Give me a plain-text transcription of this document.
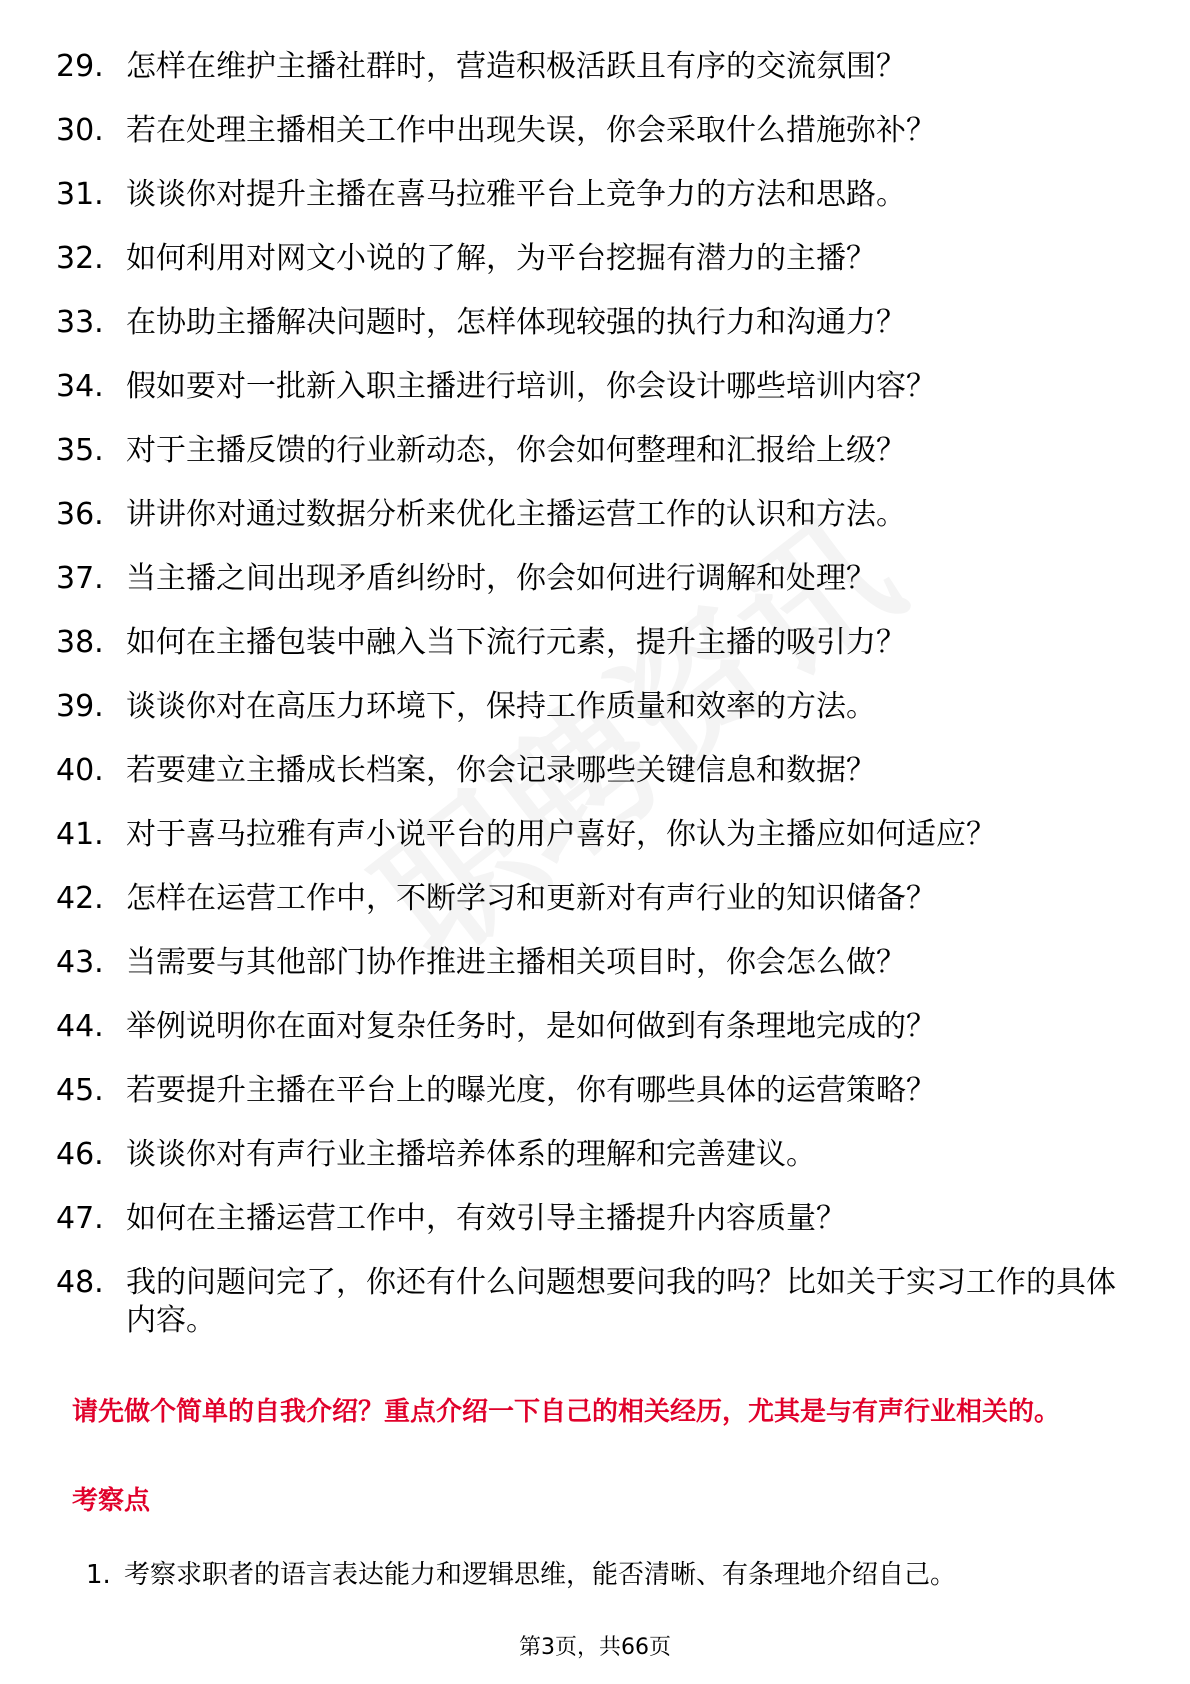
29. 怎样在维护主播社群时，营造积极活跃且有序的交流氛围？
30. 若在处理主播相关工作中出现失误，你会采取什么措施弥补？
31. 谈谈你对提升主播在喜马拉雅平台上竞争力的方法和思路。
32. 如何利用对网文小说的了解，为平台挖掘有潜力的主播？
33. 在协助主播解决问题时，怎样体现较强的执行力和沟通力？
34. 假如要对一批新入职主播进行培训，你会设计哪些培训内容？
35. 对于主播反馈的行业新动态，你会如何整理和汇报给上级？
36. 讲讲你对通过数据分析来优化主播运营工作的认识和方法。
37. 当主播之间出现矛盾纠纷时，你会如何进行调解和处理？
38. 如何在主播包装中融入当下流行元素，提升主播的吸引力？
39. 谈谈你对在高压力环境下，保持工作质量和效率的方法。
40. 若要建立主播成长档案，你会记录哪些关键信息和数据？
41. 对于喜马拉雅有声小说平台的用户喜好，你认为主播应如何适应？
42. 怎样在运营工作中，不断学习和更新对有声行业的知识储备？
43. 当需要与其他部门协作推进主播相关项目时，你会怎么做？
44. 举例说明你在面对复杂任务时，是如何做到有条理地完成的？
45. 若要提升主播在平台上的曝光度，你有哪些具体的运营策略？
46. 谈谈你对有声行业主播培养体系的理解和完善建议。
47. 如何在主播运营工作中，有效引导主播提升内容质量？
48. 我的问题问完了，你还有什么问题想要问我的吗？比如关于实习工作的具体内容。

请先做个简单的自我介绍？重点介绍一下自己的相关经历，尤其是与有声行业相关的。

考察点

1. 考察求职者的语言表达能力和逻辑思维，能否清晰、有条理地介绍自己。
第3页，共66页
